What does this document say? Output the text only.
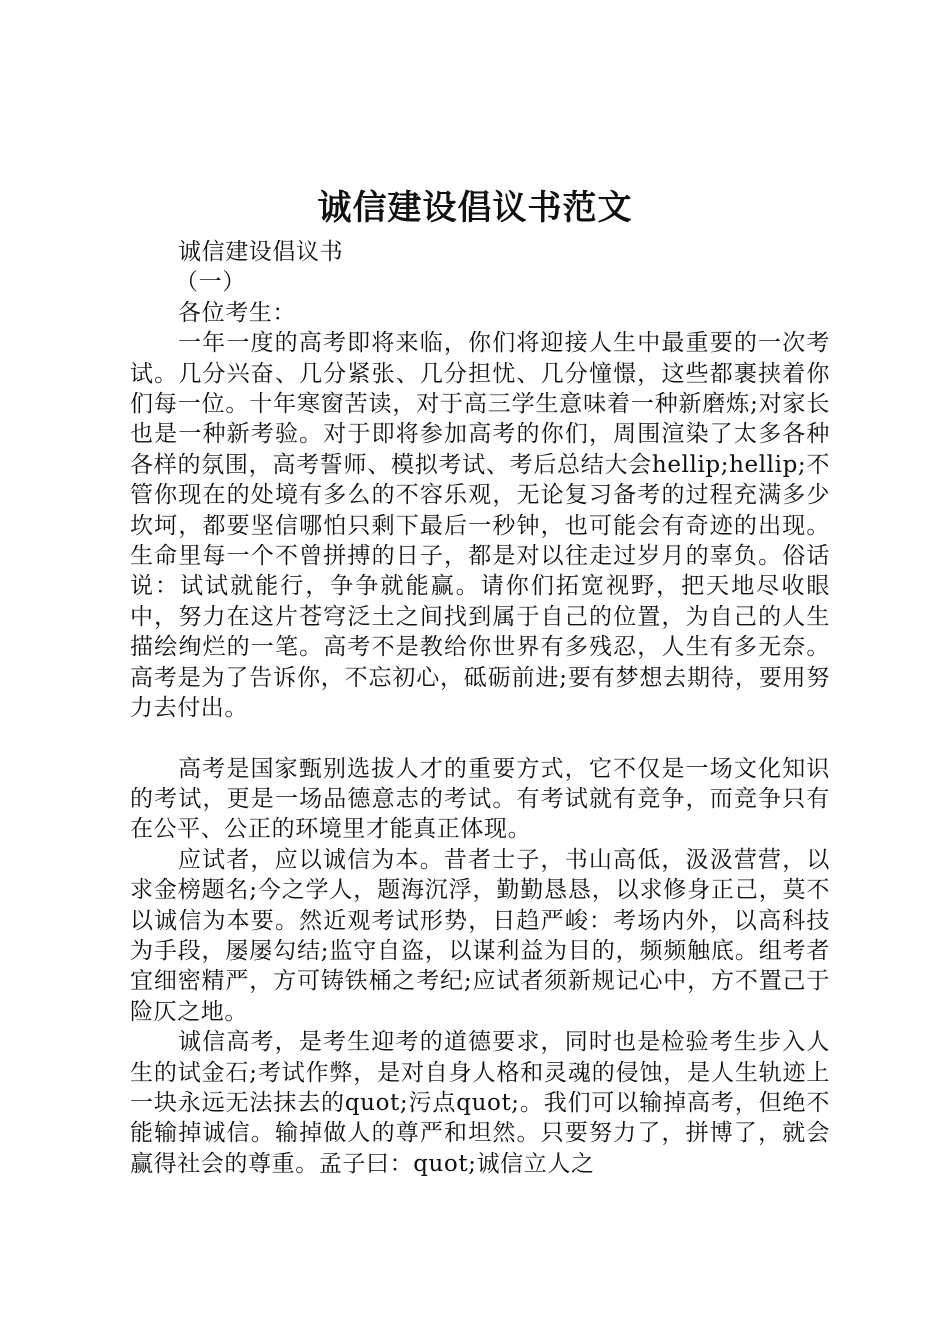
诚信建设倡议书范文

诚信建设倡议书

（一）

各位考生：

一年一度的高考即将来临，你们将迎接人生中最重要的一次考试。几分兴奋、几分紧张、几分担忧、几分憧憬，这些都裹挟着你们每一位。十年寒窗苦读，对于高三学生意味着一种新磨炼;对家长也是一种新考验。对于即将参加高考的你们，周围渲染了太多各种各样的氛围，高考誓师、模拟考试、考后总结大会hellip;hellip;不管你现在的处境有多么的不容乐观，无论复习备考的过程充满多少坎坷，都要坚信哪怕只剩下最后一秒钟，也可能会有奇迹的出现。生命里每一个不曾拼搏的日子，都是对以往走过岁月的辜负。俗话说：试试就能行，争争就能赢。请你们拓宽视野，把天地尽收眼中，努力在这片苍穹泛土之间找到属于自己的位置，为自己的人生描绘绚烂的一笔。高考不是教给你世界有多残忍，人生有多无奈。高考是为了告诉你，不忘初心，砥砺前进;要有梦想去期待，要用努力去付出。

高考是国家甄别选拔人才的重要方式，它不仅是一场文化知识的考试，更是一场品德意志的考试。有考试就有竞争，而竞争只有在公平、公正的环境里才能真正体现。

应试者，应以诚信为本。昔者士子，书山高低，汲汲营营，以求金榜题名;今之学人，题海沉浮，勤勤恳恳，以求修身正己，莫不以诚信为本要。然近观考试形势，日趋严峻：考场内外，以高科技为手段，屡屡勾结;监守自盗，以谋利益为目的，频频触底。组考者宜细密精严，方可铸铁桶之考纪;应试者须新规记心中，方不置己于险仄之地。

诚信高考，是考生迎考的道德要求，同时也是检验考生步入人生的试金石;考试作弊，是对自身人格和灵魂的侵蚀，是人生轨迹上一块永远无法抹去的quot;污点quot;。我们可以输掉高考，但绝不能输掉诚信。输掉做人的尊严和坦然。只要努力了，拼博了，就会赢得社会的尊重。孟子曰：quot;诚信立人之
